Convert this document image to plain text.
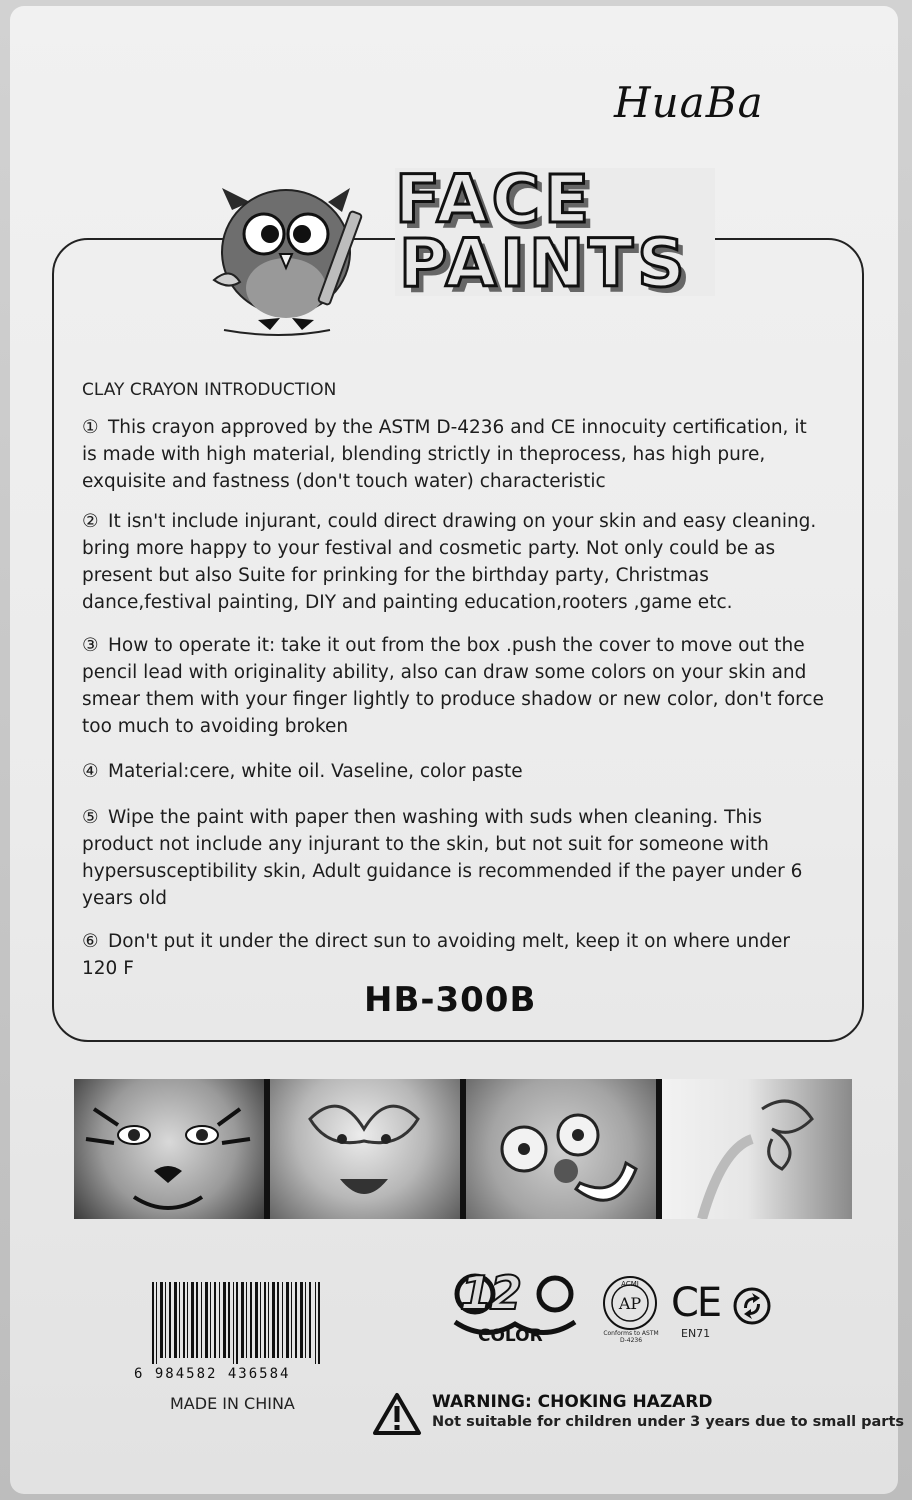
HuaBa
FACE
PAINTS
CLAY CRAYON INTRODUCTION
① This crayon approved by the ASTM D-4236 and CE innocuity certification, it is made with high material, blending strictly in theprocess, has high pure, exquisite and fastness (don't touch water) characteristic
② It isn't include injurant, could direct drawing on your skin and easy cleaning. bring more happy to your festival and cosmetic party. Not only could be as present but also Suite for prinking for the birthday party, Christmas dance,festival painting, DIY and painting education,rooters ,game etc.
③ How to operate it: take it out from the box .push the cover to move out the pencil lead with originality ability, also can draw some colors on your skin and smear them with your finger lightly to produce shadow or new color, don't force too much to avoiding broken
④ Material:cere, white oil. Vaseline, color paste
⑤ Wipe the paint with paper then washing with suds when cleaning. This product not include any injurant to the skin, but not suit for someone with hypersusceptibility skin, Adult guidance is recommended if the payer under 6 years old
⑥ Don't put it under the direct sun to avoiding melt, keep it on where under 120 F
HB-300B
6 984582 436584
MADE IN CHINA
12
COLOR
ACMI
AP
Conforms to ASTM D-4236
CE
EN71
WARNING: CHOKING HAZARD
Not suitable for children under 3 years due to small parts
